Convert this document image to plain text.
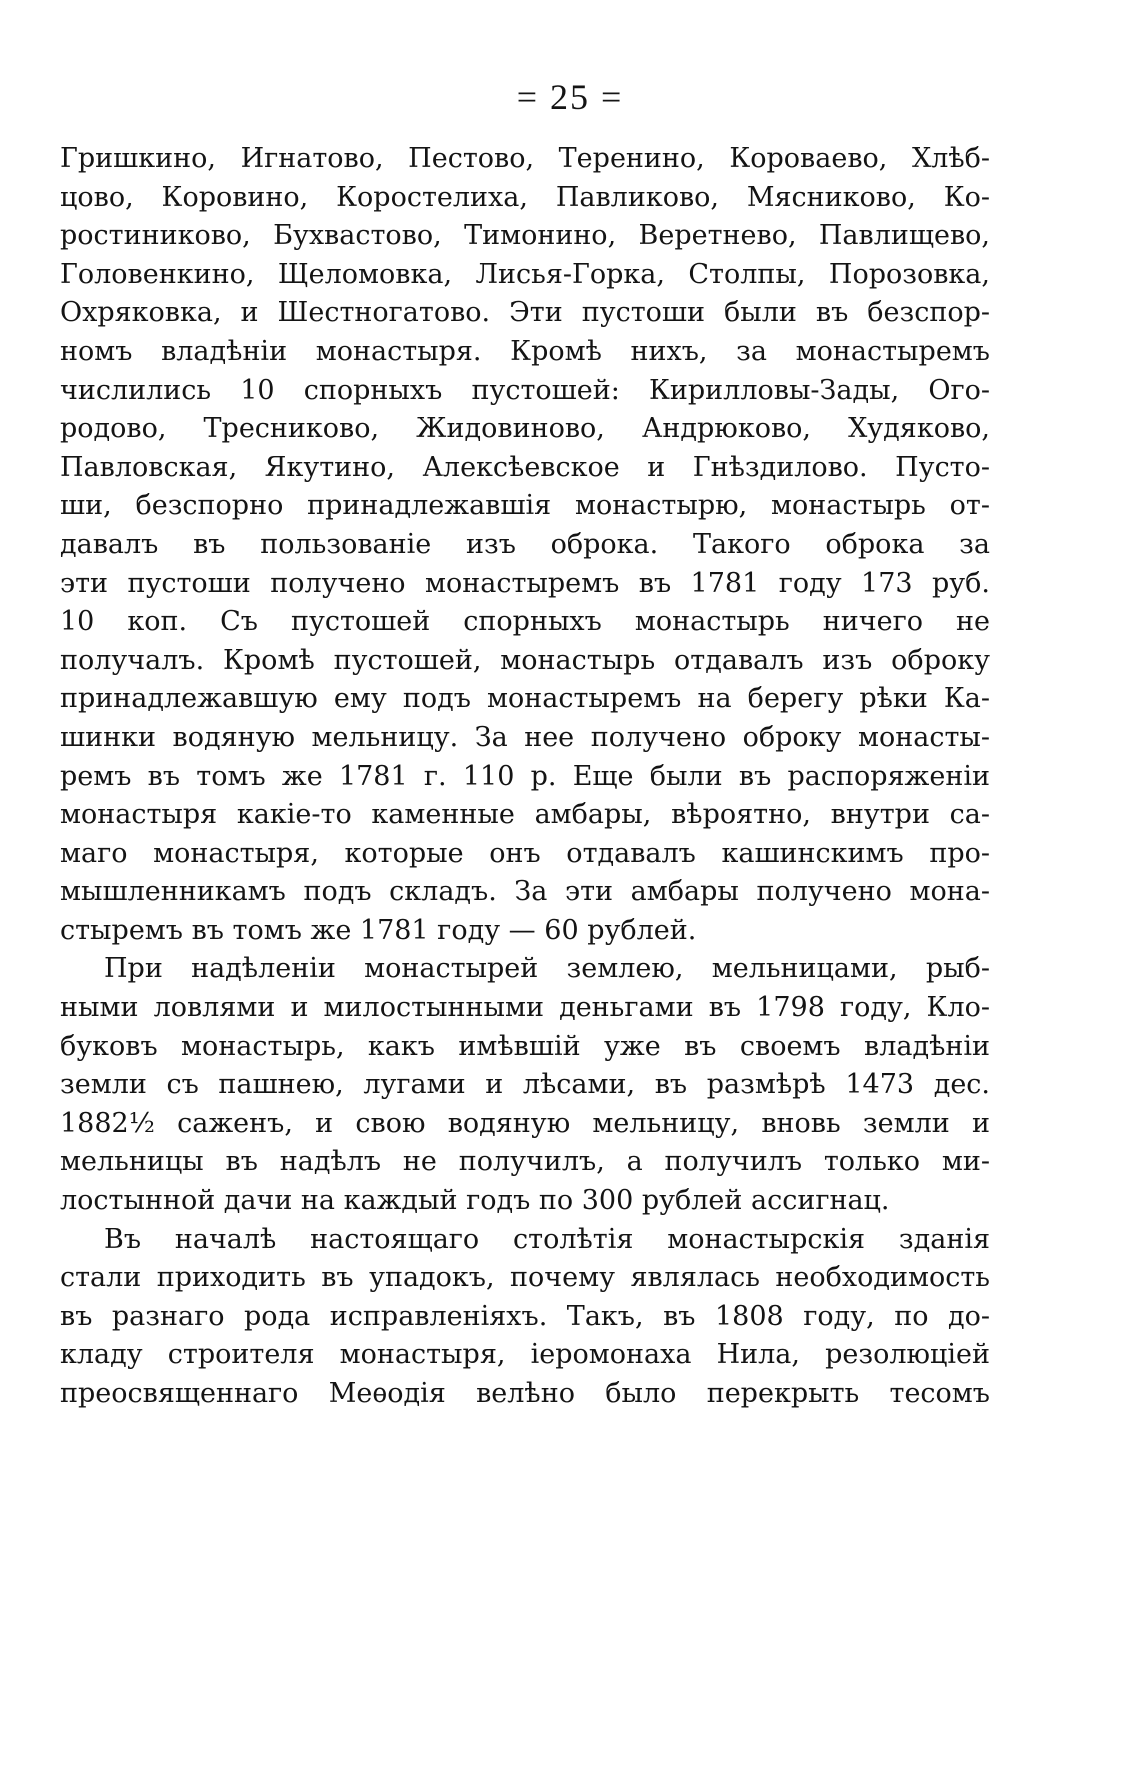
= 25 =

Гришкино, Игнатово, Пестово, Теренино, Короваево, Хлѣб-
цово, Коровино, Коростелиха, Павликово, Мясниково, Ко-
ростиниково, Бухвастово, Тимонино, Веретнево, Павлищево,
Головенкино, Щеломовка, Лисья-Горка, Столпы, Порозовка,
Охряковка, и Шестногатово. Эти пустоши были въ безспор-
номъ владѣніи монастыря. Кромѣ нихъ, за монастыремъ
числились 10 спорныхъ пустошей: Кирилловы-Зады, Ого-
родово, Тресниково, Жидовиново, Андрюково, Худяково,
Павловская, Якутино, Алексѣевское и Гнѣздилово. Пусто-
ши, безспорно принадлежавшія монастырю, монастырь от-
давалъ въ пользованіе изъ оброка. Такого оброка за
эти пустоши получено монастыремъ въ 1781 году 173 руб.
10 коп. Съ пустошей спорныхъ монастырь ничего не
получалъ. Кромѣ пустошей, монастырь отдавалъ изъ оброку
принадлежавшую ему подъ монастыремъ на берегу рѣки Ка-
шинки водяную мельницу. За нее получено оброку монасты-
ремъ въ томъ же 1781 г. 110 р. Еще были въ распоряженіи
монастыря какіе-то каменные амбары, вѣроятно, внутри са-
маго монастыря, которые онъ отдавалъ кашинскимъ про-
мышленникамъ подъ складъ. За эти амбары получено мона-
стыремъ въ томъ же 1781 году — 60 рублей.

При надѣленіи монастырей землею, мельницами, рыб-
ными ловлями и милостынными деньгами въ 1798 году, Кло-
буковъ монастырь, какъ имѣвшій уже въ своемъ владѣніи
земли съ пашнею, лугами и лѣсами, въ размѣрѣ 1473 дес.
1882½ саженъ, и свою водяную мельницу, вновь земли и
мельницы въ надѣлъ не получилъ, а получилъ только ми-
лостынной дачи на каждый годъ по 300 рублей ассигнац.

Въ началѣ настоящаго столѣтія монастырскія зданія
стали приходить въ упадокъ, почему являлась необходимость
въ разнаго рода исправленіяхъ. Такъ, въ 1808 году, по до-
кладу строителя монастыря, іеромонаха Нила, резолюціей
преосвященнаго Меѳодія велѣно было перекрыть тесомъ
